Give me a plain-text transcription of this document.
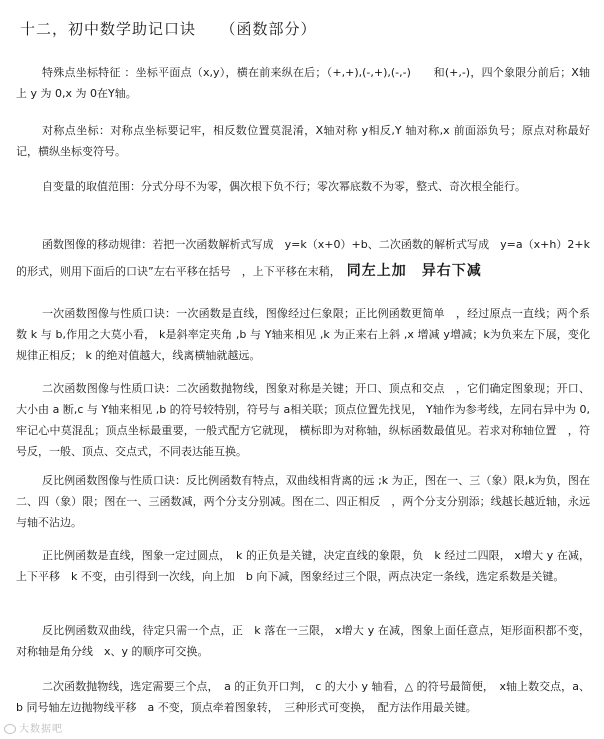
十二，初中数学助记口诀　　（函数部分）

特殊点坐标特征 ：坐标平面点（x,y），横在前来纵在后；（+,+),(-,+),(-,-)　　和(+,-)，四个象限分前后；X轴上 y 为 0,x 为 0在Y轴。

对称点坐标：对称点坐标要记牢，相反数位置莫混淆，X轴对称 y相反,Y 轴对称,x 前面添负号；原点对称最好记，横纵坐标变符号。

自变量的取值范围：分式分母不为零，偶次根下负不行；零次幂底数不为零，整式、奇次根全能行。

函数图像的移动规律：若把一次函数解析式写成　y=k（x+0）+b、二次函数的解析式写成　y=a（x+h）2+k的形式，则用下面后的口诀”左右平移在括号　，上下平移在末稍， 同左上加　异右下减

一次函数图像与性质口诀：一次函数是直线，图像经过仨象限；正比例函数更简单　，经过原点一直线；两个系数 k 与 b,作用之大莫小看， k是斜率定夹角 ,b 与 Y轴来相见 ,k 为正来右上斜 ,x 增减 y增减；k为负来左下展，变化规律正相反； k 的绝对值越大，线离横轴就越远。

二次函数图像与性质口诀：二次函数抛物线，图象对称是关键；开口、顶点和交点　，它们确定图象现；开口、大小由 a 断,c 与 Y轴来相见 ,b 的符号较特别，符号与 a相关联；顶点位置先找见， Y轴作为参考线，左同右异中为 0,牢记心中莫混乱；顶点坐标最重要，一般式配方它就现， 横标即为对称轴，纵标函数最值见。若求对称轴位置　，符号反，一般、顶点、交点式，不同表达能互换。

反比例函数图像与性质口诀：反比例函数有特点，双曲线相背离的远 ;k 为正，图在一、三（象）限,k为负，图在二、四（象）限；图在一、三函数减，两个分支分别减。图在二、四正相反　，两个分支分别添；线越长越近轴，永远与轴不沾边。

正比例函数是直线，图象一定过圆点，　k 的正负是关键，决定直线的象限，负　k 经过二四限， x增大 y 在减，上下平移　k 不变，由引得到一次线，向上加　b 向下减，图象经过三个限，两点决定一条线，选定系数是关键。

反比例函数双曲线，待定只需一个点，正　k 落在一三限， x增大 y 在减，图象上面任意点，矩形面积都不变，对称轴是角分线　x、y 的顺序可交换。

二次函数抛物线，选定需要三个点，　a 的正负开口判， c 的大小 y 轴看，△ 的符号最简便，　x轴上数交点，a、b 同号轴左边抛物线平移　a 不变，顶点牵着图象转，　三种形式可变换，　配方法作用最关键。

大数据吧
